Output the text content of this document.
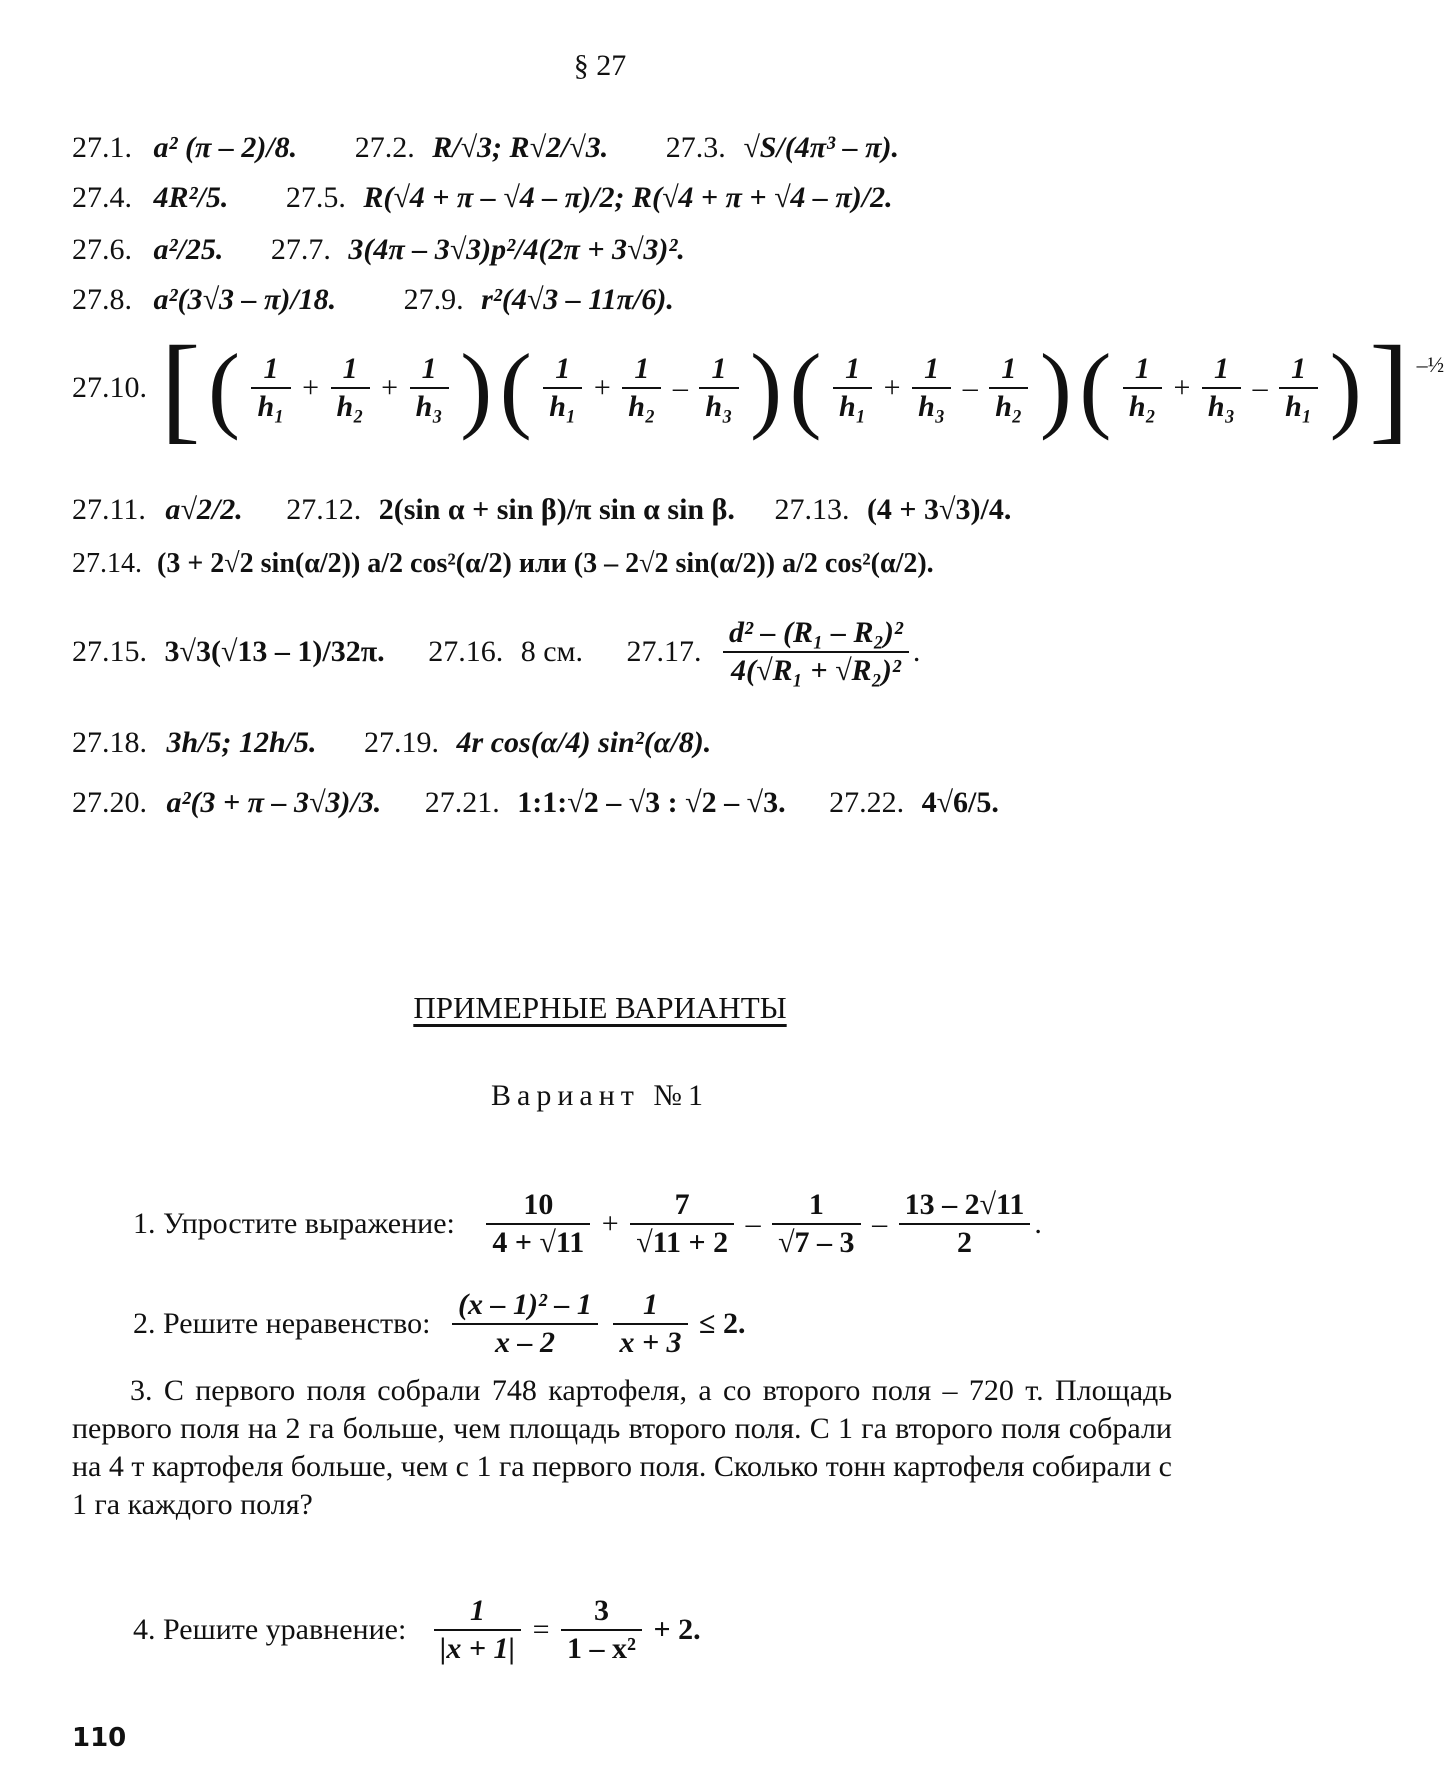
§ 27
27.1. a² (π – 2)/8. 27.2. R/√3; R√2/√3. 27.3. √S/(4π³ – π).
27.4. 4R²/5. 27.5. R(√4 + π – √4 – π)/2; R(√4 + π + √4 – π)/2.
27.6. a²/25. 27.7. 3(4π – 3√3)p²/4(2π + 3√3)².
27.8. a²(3√3 – π)/18. 27.9. r²(4√3 – 11π/6).
27.10. [ ( $\frac{1}{\text{h₁}} + \frac{1}{\text{h₂}} + \frac{1}{\text{h₃}}$ ) ( $\frac{1}{\text{h₁}} + \frac{1}{\text{h₂}} - \frac{1}{\text{h₃}}$ ) ( $\frac{1}{\text{h₁}} + \frac{1}{\text{h₃}} - \frac{1}{\text{h₂}}$ ) ( $\frac{1}{\text{h₂}} + \frac{1}{\text{h₃}} - \frac{1}{\text{h₁}}$ ) ] $^{-\frac{1}{2}}$
27.11. a√2/2. 27.12. 2(sin α + sin β)/π sin α sin β. 27.13. (4 + 3√3)/4.
27.14. (3 + 2√2 sin(α/2)) a/2 cos²(α/2) или (3 – 2√2 sin(α/2)) a/2 cos²(α/2).
27.15. 3√3(√13 – 1)/32π. 27.16. 8 см. 27.17. $\frac{\text{d² – (R₁ – R₂)²}}{\text{4(√R₁ + √R₂)²}}$ .
27.18. 3h/5; 12h/5. 27.19. 4r cos(α/4) sin²(α/8).
27.20. a²(3 + π – 3√3)/3. 27.21. 1:1:√2 – √3 : √2 – √3. 27.22. 4√6/5.
ПРИМЕРНЫЕ ВАРИАНТЫ
Вариант №1
1. Упростите выражение: $\frac{10}{4 + √11} + \frac{7}{√11 + 2} - \frac{1}{√7 - 3} - \frac{13 - 2√11}{2}$ .
2. Решите неравенство: $\frac{\text{(x – 1)² – 1}}{x - 2}$
$\frac{1}{x + 3} \le 2$.
3. С первого поля собрали 748 картофеля, а со второго поля – 720 т. Площадь первого поля на 2 га больше, чем площадь второго поля. С 1 га второго поля собрали на 4 т картофеля больше, чем с 1 га первого поля. Сколько тонн картофеля собирали с 1 га каждого поля?
4. Решите уравнение: $\frac{1}{|x + 1|} = \frac{3}{\text{1 – x²}} + 2$.
110
